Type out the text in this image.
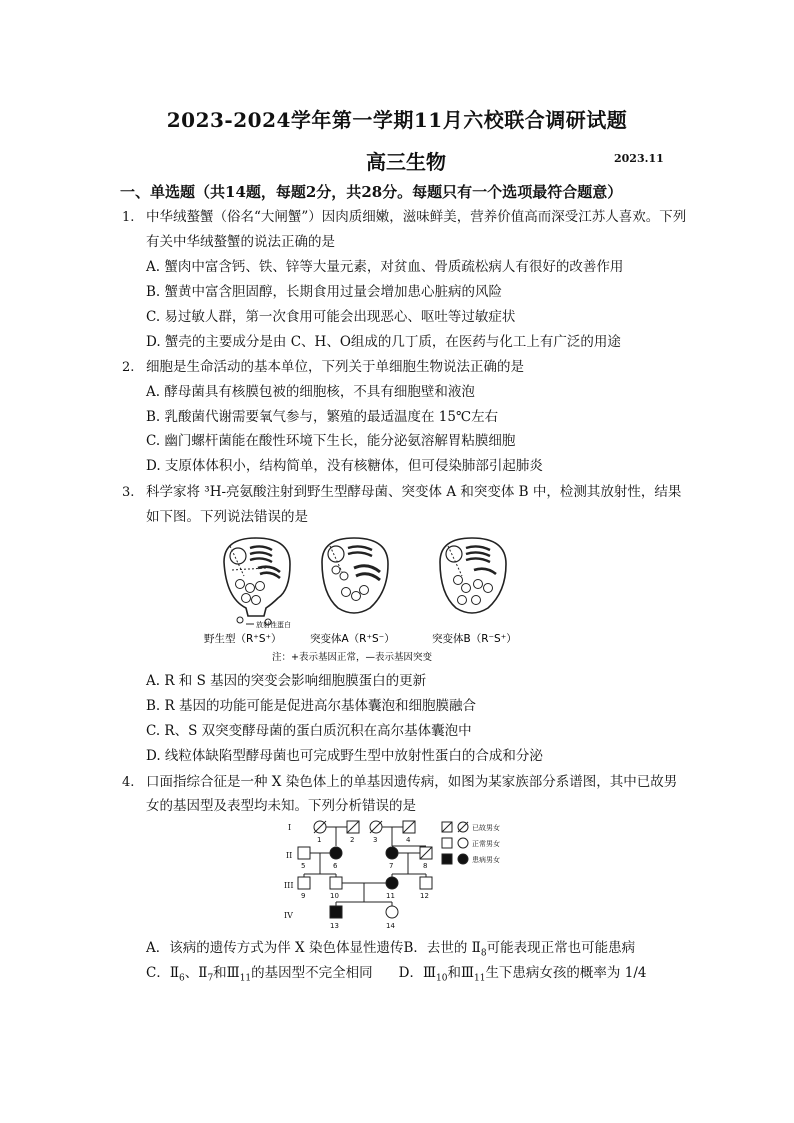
2023-2024学年第一学期11月六校联合调研试题
高三生物	2023.11
一、单选题（共14题，每题2分，共28分。每题只有一个选项最符合题意）
1. 中华绒螯蟹（俗名“大闸蟹”）因肉质细嫩，滋味鲜美，营养价值高而深受江苏人喜欢。下列
有关中华绒螯蟹的说法正确的是
A. 蟹肉中富含钙、铁、锌等大量元素，对贫血、骨质疏松病人有很好的改善作用
B. 蟹黄中富含胆固醇，长期食用过量会增加患心脏病的风险
C. 易过敏人群，第一次食用可能会出现恶心、呕吐等过敏症状
D. 蟹壳的主要成分是由 C、H、O组成的几丁质，在医药与化工上有广泛的用途
2. 细胞是生命活动的基本单位，下列关于单细胞生物说法正确的是
A. 酵母菌具有核膜包被的细胞核，不具有细胞壁和液泡
B. 乳酸菌代谢需要氧气参与，繁殖的最适温度在 15℃左右
C. 幽门螺杆菌能在酸性环境下生长，能分泌氨溶解胃粘膜细胞
D. 支原体体积小，结构简单，没有核糖体，但可侵染肺部引起肺炎
3. 科学家将 ³H-亮氨酸注射到野生型酵母菌、突变体 A 和突变体 B 中，检测其放射性，结果
如下图。下列说法错误的是
放射性蛋白
野生型（R⁺S⁺）	突变体A（R⁺S⁻）	突变体B（R⁻S⁺）
注：+表示基因正常，—表示基因突变
A. R 和 S 基因的突变会影响细胞膜蛋白的更新
B. R 基因的功能可能是促进高尔基体囊泡和细胞膜融合
C. R、S 双突变酵母菌的蛋白质沉积在高尔基体囊泡中
D. 线粒体缺陷型酵母菌也可完成野生型中放射性蛋白的合成和分泌
4. 口面指综合征是一种 X 染色体上的单基因遗传病，如图为某家族部分系谱图，其中已故男
女的基因型及表型均未知。下列分析错误的是
I
II
III
IV
1	2	3	4
5	6	7	8
9	10	11	12
13	14
已故男女
正常男女
患病男女
A．该病的遗传方式为伴 X 染色体显性遗传B．去世的 $Ⅱ_8$可能表现正常也可能患病
C．$Ⅱ_6$、$Ⅱ_7$和$Ⅲ_{11}$的基因型不完全相同 D．$Ⅲ_{10}$和$Ⅲ_{11}$生下患病女孩的概率为 1/4
